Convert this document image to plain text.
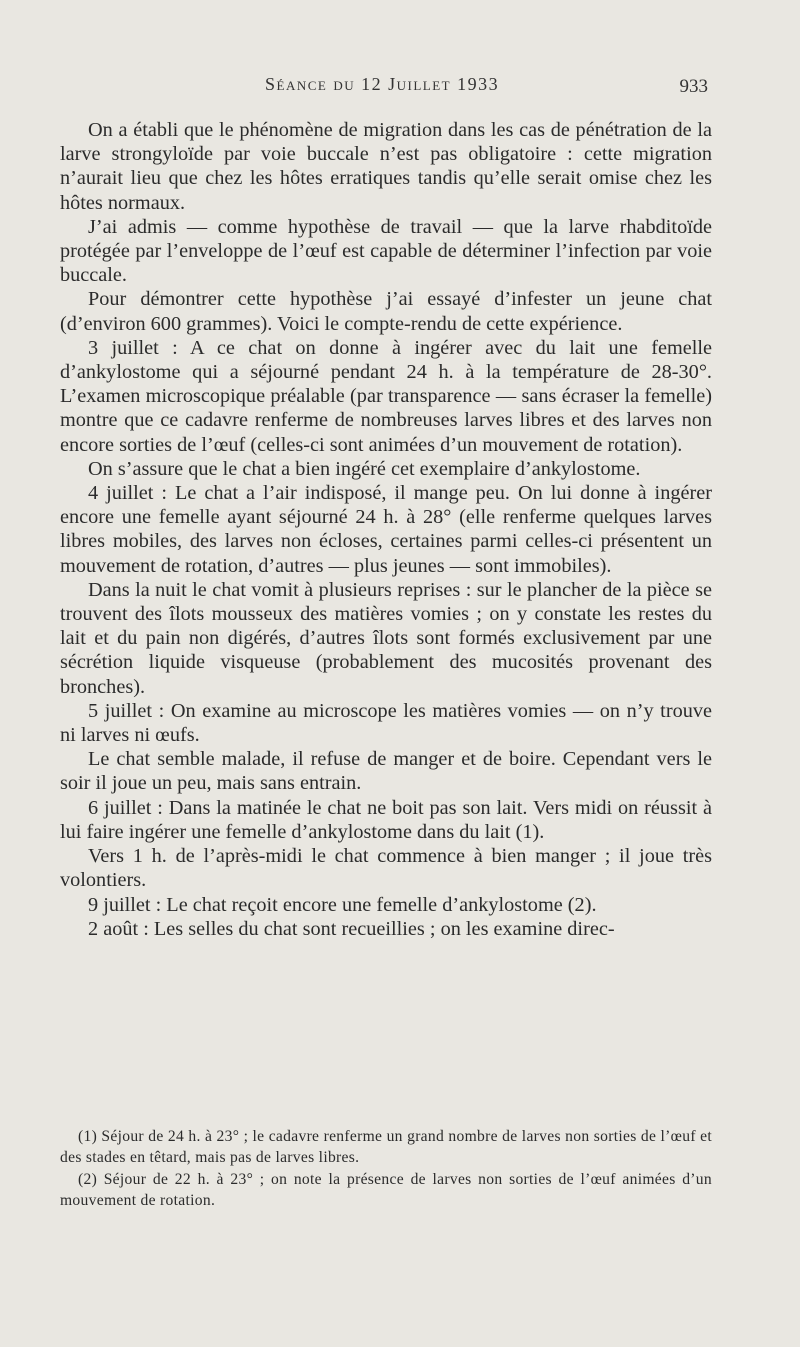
Séance du 12 Juillet 1933	933

On a établi que le phénomène de migration dans les cas de pénétration de la larve strongyloïde par voie buccale n’est pas obligatoire : cette migration n’aurait lieu que chez les hôtes erratiques tandis qu’elle serait omise chez les hôtes normaux.

J’ai admis — comme hypothèse de travail — que la larve rhabditoïde protégée par l’enveloppe de l’œuf est capable de déterminer l’infection par voie buccale.

Pour démontrer cette hypothèse j’ai essayé d’infester un jeune chat (d’environ 600 grammes). Voici le compte-rendu de cette expérience.

3 juillet : A ce chat on donne à ingérer avec du lait une femelle d’ankylostome qui a séjourné pendant 24 h. à la température de 28-30°. L’examen microscopique préalable (par transparence — sans écraser la femelle) montre que ce cadavre renferme de nombreuses larves libres et des larves non encore sorties de l’œuf (celles-ci sont animées d’un mouvement de rotation).

On s’assure que le chat a bien ingéré cet exemplaire d’ankylostome.

4 juillet : Le chat a l’air indisposé, il mange peu. On lui donne à ingérer encore une femelle ayant séjourné 24 h. à 28° (elle renferme quelques larves libres mobiles, des larves non écloses, certaines parmi celles-ci présentent un mouvement de rotation, d’autres — plus jeunes — sont immobiles).

Dans la nuit le chat vomit à plusieurs reprises : sur le plancher de la pièce se trouvent des îlots mousseux des matières vomies ; on y constate les restes du lait et du pain non digérés, d’autres îlots sont formés exclusivement par une sécrétion liquide visqueuse (probablement des mucosités provenant des bronches).

5 juillet : On examine au microscope les matières vomies — on n’y trouve ni larves ni œufs.

Le chat semble malade, il refuse de manger et de boire. Cependant vers le soir il joue un peu, mais sans entrain.

6 juillet : Dans la matinée le chat ne boit pas son lait. Vers midi on réussit à lui faire ingérer une femelle d’ankylostome dans du lait (1).

Vers 1 h. de l’après-midi le chat commence à bien manger ; il joue très volontiers.

9 juillet : Le chat reçoit encore une femelle d’ankylostome (2).

2 août : Les selles du chat sont recueillies ; on les examine direc-

(1) Séjour de 24 h. à 23° ; le cadavre renferme un grand nombre de larves non sorties de l’œuf et des stades en têtard, mais pas de larves libres.

(2) Séjour de 22 h. à 23° ; on note la présence de larves non sorties de l’œuf animées d’un mouvement de rotation.
